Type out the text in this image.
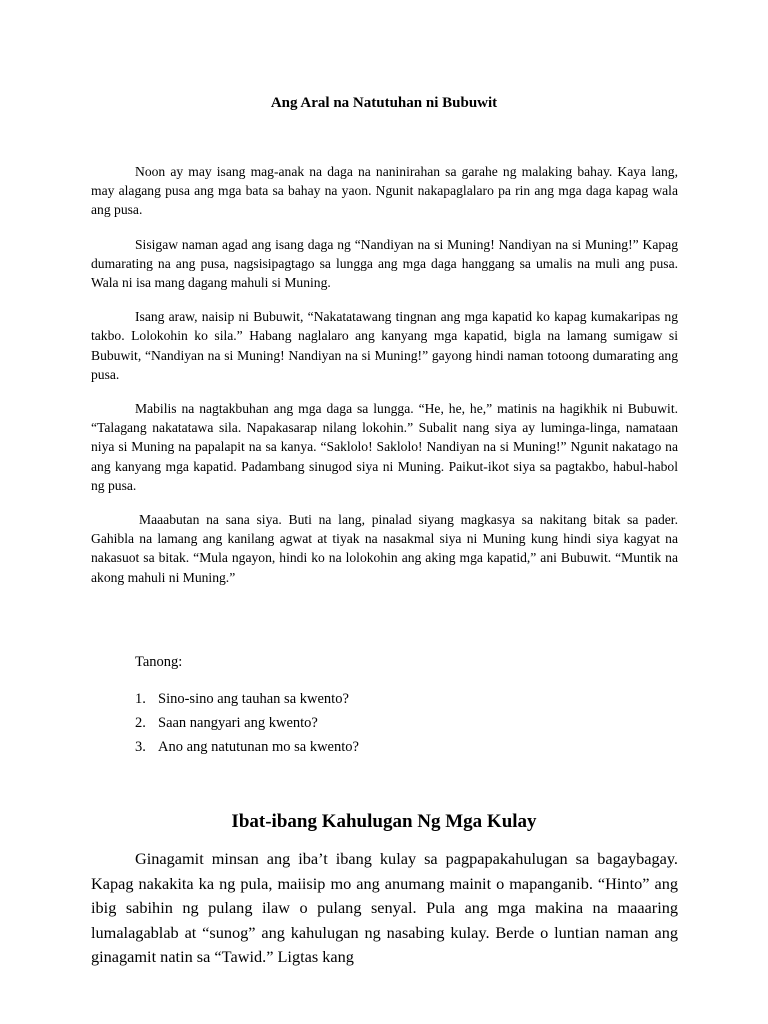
Ang Aral na Natutuhan ni Bubuwit

Noon ay may isang mag-anak na daga na naninirahan sa garahe ng malaking bahay. Kaya lang, may alagang pusa ang mga bata sa bahay na yaon. Ngunit nakapaglalaro pa rin ang mga daga kapag wala ang pusa.

Sisigaw naman agad ang isang daga ng “Nandiyan na si Muning! Nandiyan na si Muning!” Kapag dumarating na ang pusa, nagsisipagtago sa lungga ang mga daga hanggang sa umalis na muli ang pusa. Wala ni isa mang dagang mahuli si Muning.

Isang araw, naisip ni Bubuwit, “Nakatatawang tingnan ang mga kapatid ko kapag kumakaripas ng takbo. Lolokohin ko sila.” Habang naglalaro ang kanyang mga kapatid, bigla na lamang sumigaw si Bubuwit, “Nandiyan na si Muning! Nandiyan na si Muning!” gayong hindi naman totoong dumarating ang pusa.

Mabilis na nagtakbuhan ang mga daga sa lungga. “He, he, he,” matinis na hagikhik ni Bubuwit. “Talagang nakatatawa sila. Napakasarap nilang lokohin.” Subalit nang siya ay luminga-linga, namataan niya si Muning na papalapit na sa kanya. “Saklolo! Saklolo! Nandiyan na si Muning!” Ngunit nakatago na ang kanyang mga kapatid. Padambang sinugod siya ni Muning. Paikut-ikot siya sa pagtakbo, habul-habol ng pusa.

Maaabutan na sana siya. Buti na lang, pinalad siyang magkasya sa nakitang bitak sa pader. Gahibla na lamang ang kanilang agwat at tiyak na nasakmal siya ni Muning kung hindi siya kagyat na nakasuot sa bitak. “Mula ngayon, hindi ko na lolokohin ang aking mga kapatid,” ani Bubuwit. “Muntik na akong mahuli ni Muning.”

Tanong:
1. Sino-sino ang tauhan sa kwento?
2. Saan nangyari ang kwento?
3. Ano ang natutunan mo sa kwento?
Ibat-ibang Kahulugan Ng Mga Kulay

Ginagamit minsan ang iba’t ibang kulay sa pagpapakahulugan sa bagaybagay. Kapag nakakita ka ng pula, maiisip mo ang anumang mainit o mapanganib. “Hinto” ang ibig sabihin ng pulang ilaw o pulang senyal. Pula ang mga makina na maaaring lumalagablab at “sunog” ang kahulugan ng nasabing kulay. Berde o luntian naman ang ginagamit natin sa “Tawid.” Ligtas kang
